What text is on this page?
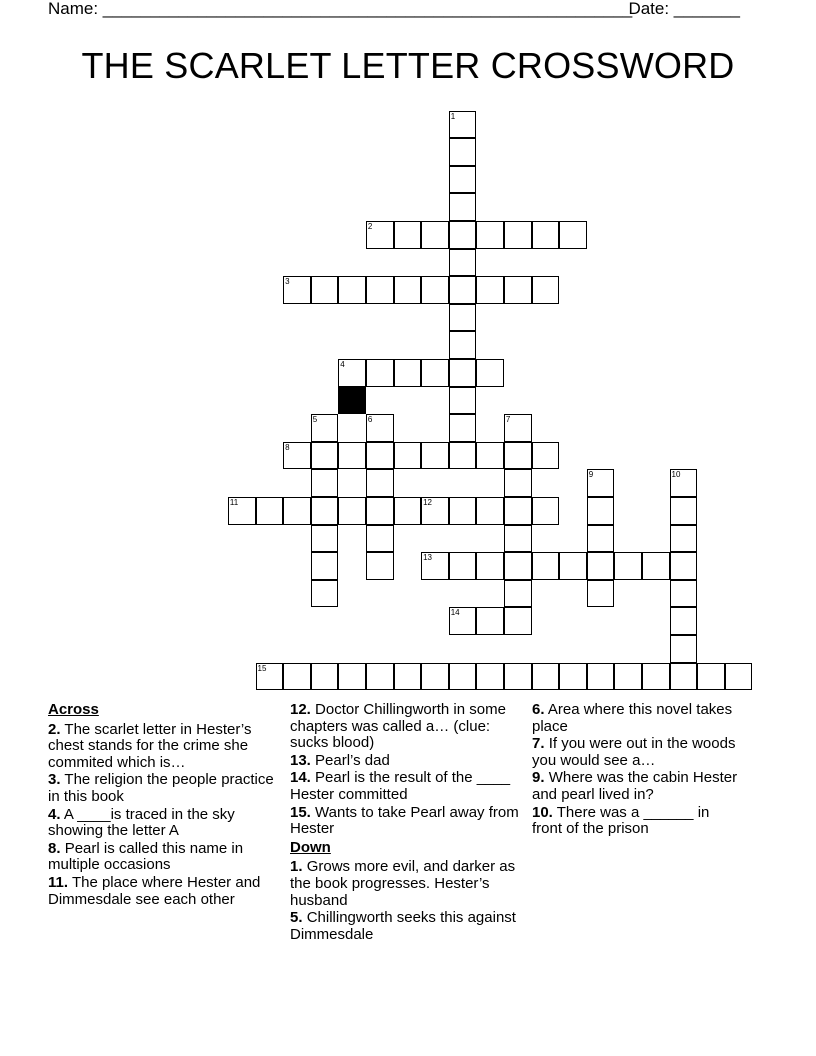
Name: ________________________________________________________
Date: _______
THE SCARLET LETTER CROSSWORD
1
2
3
4
5	6	7
8
9	10
11	12
13
14
15
Across
2. The scarlet letter in Hester’s chest stands for the crime she commited which is…
3. The religion the people practice in this book
4. A ____is traced in the sky showing the letter A
8. Pearl is called this name in multiple occasions
11. The place where Hester and Dimmesdale see each other
12. Doctor Chillingworth in some chapters was called a… (clue: sucks blood)
13. Pearl’s dad
14. Pearl is the result of the ____ Hester committed
15. Wants to take Pearl away from Hester
Down
1. Grows more evil, and darker as the book progresses. Hester’s husband
5. Chillingworth seeks this against Dimmesdale
6. Area where this novel takes place
7. If you were out in the woods you would see a…
9. Where was the cabin Hester and pearl lived in?
10. There was a ______ in front of the prison
